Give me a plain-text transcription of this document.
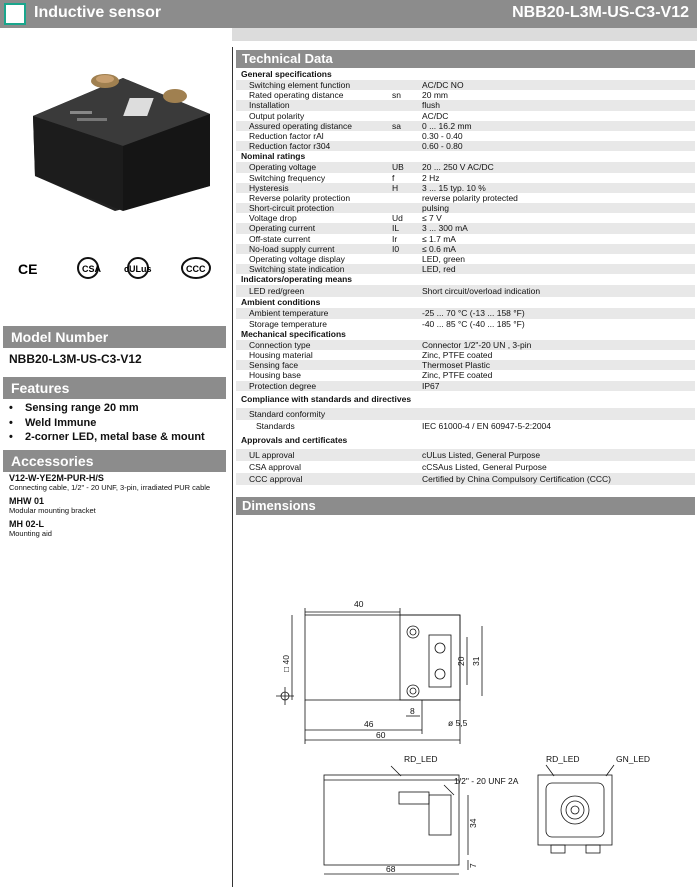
Inductive sensor	NBB20-L3M-US-C3-V12
CE	CSA	cULus	CCC
Model Number
NBB20-L3M-US-C3-V12
Features
• Sensing range 20 mm
• Weld Immune
• 2-corner LED, metal base & mount
Accessories
V12-W-YE2M-PUR-H/S
Connecting cable, 1/2" - 20 UNF, 3-pin, irradiated PUR cable
MHW 01
Modular mounting bracket
MH 02-L
Mounting aid
Technical Data
General specifications
Switching element function	AC/DC NO
Rated operating distance	sn 20 mm
Installation	flush
Output polarity	AC/DC
Assured operating distance	sa 0 ... 16.2 mm
Reduction factor rAl	0.30 - 0.40
Reduction factor r304	0.60 - 0.80
Nominal ratings
Operating voltage	UB 20 ... 250 V AC/DC
Switching frequency	f	2 Hz
Hysteresis	H	3 ... 15 typ. 10 %
Reverse polarity protection	reverse polarity protected
Short-circuit protection	pulsing
Voltage drop	Ud ≤ 7 V
Operating current	IL	3 ... 300 mA
Off-state current	Ir	≤ 1.7 mA
No-load supply current	I0	≤ 0.6 mA
Operating voltage display	LED, green
Switching state indication	LED, red
Indicators/operating means
LED red/green	Short circuit/overload indication
Ambient conditions
Ambient temperature	-25 ... 70 °C (-13 ... 158 °F)
Storage temperature	-40 ... 85 °C (-40 ... 185 °F)
Mechanical specifications
Connection type	Connector 1/2"-20 UN , 3-pin
Housing material	Zinc, PTFE coated
Sensing face	Thermoset Plastic
Housing base	Zinc, PTFE coated
Protection degree	IP67
Compliance with standards and directives
Standard conformity
Standards	IEC 61000-4 / EN 60947-5-2:2004
Approvals and certificates
UL approval	cULus Listed, General Purpose
CSA approval	cCSAus Listed, General Purpose
CCC approval	Certified by China Compulsory Certification (CCC)
Dimensions
40
□ 40	20 31
8
46
60
ø 5,5
RD_LED
1/2" - 20 UNF 2A
34
7
68
RD_LED	GN_LED
